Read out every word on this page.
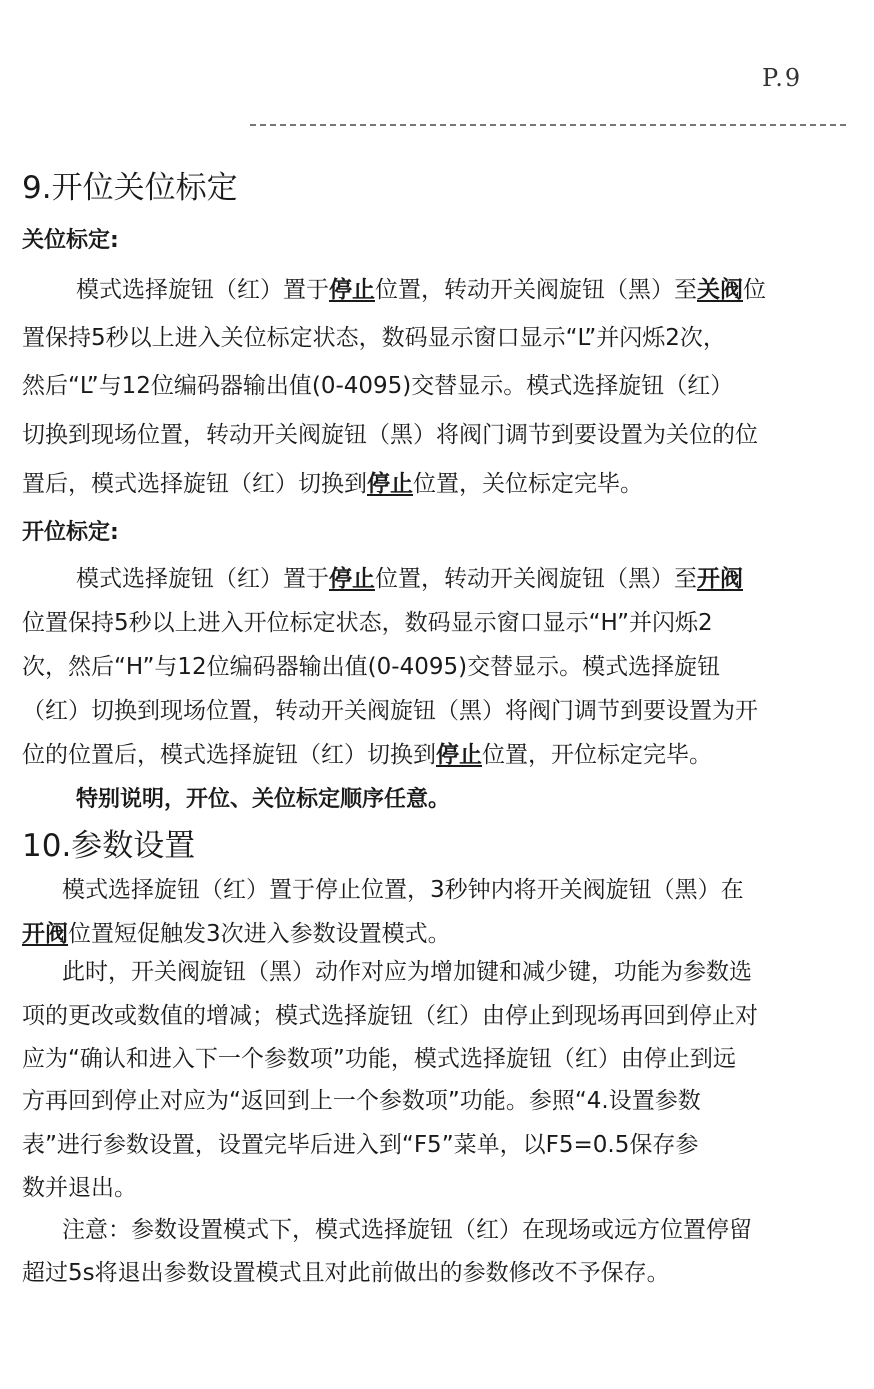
P.9
9.开位关位标定
关位标定:
模式选择旋钮（红）置于停止位置，转动开关阀旋钮（黑）至关阀位
置保持5秒以上进入关位标定状态，数码显示窗口显示“L”并闪烁2次，
然后“L”与12位编码器输出值(0-4095)交替显示。模式选择旋钮（红）
切换到现场位置，转动开关阀旋钮（黑）将阀门调节到要设置为关位的位
置后，模式选择旋钮（红）切换到停止位置，关位标定完毕。
开位标定:
模式选择旋钮（红）置于停止位置，转动开关阀旋钮（黑）至开阀
位置保持5秒以上进入开位标定状态，数码显示窗口显示“H”并闪烁2
次，然后“H”与12位编码器输出值(0-4095)交替显示。模式选择旋钮
（红）切换到现场位置，转动开关阀旋钮（黑）将阀门调节到要设置为开
位的位置后，模式选择旋钮（红）切换到停止位置，开位标定完毕。
特别说明，开位、关位标定顺序任意。
10.参数设置
模式选择旋钮（红）置于停止位置，3秒钟内将开关阀旋钮（黑）在
开阀位置短促触发3次进入参数设置模式。
此时，开关阀旋钮（黑）动作对应为增加键和减少键，功能为参数选
项的更改或数值的增减；模式选择旋钮（红）由停止到现场再回到停止对
应为“确认和进入下一个参数项”功能，模式选择旋钮（红）由停止到远
方再回到停止对应为“返回到上一个参数项”功能。参照“4.设置参数
表”进行参数设置，设置完毕后进入到“F5”菜单，以F5=0.5保存参
数并退出。
注意：参数设置模式下，模式选择旋钮（红）在现场或远方位置停留
超过5s将退出参数设置模式且对此前做出的参数修改不予保存。
